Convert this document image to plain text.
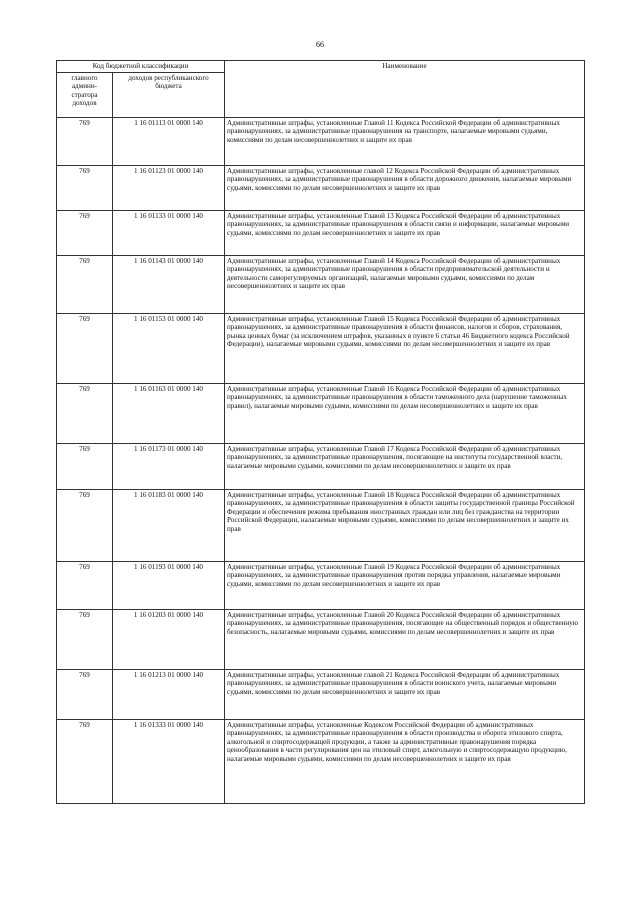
66
Код бюджетной классификации		Наименование
главного админи-стратора доходов	доходов республиканского бюджета	
769	1 16 01113 01 0000 140	Административные штрафы, установленные Главой 11 Кодекса Российской Федерации об административных правонарушениях, за административные правонарушения на транспорте, налагаемые мировыми судьями, комиссиями по делам несовершеннолетних и защите их прав
769	1 16 01123 01 0000 140	Административные штрафы, установленные главой 12 Кодекса Российской Федерации об административных правонарушениях, за административные правонарушения в области дорожного движения, налагаемые мировыми судьями, комиссиями по делам несовершеннолетних и защите их прав
769	1 16 01133 01 0000 140	Административные штрафы, установленные Главой 13 Кодекса Российской Федерации об административных правонарушениях, за административные правонарушения в области связи и информации, налагаемые мировыми судьями, комиссиями по делам несовершеннолетних и защите их прав
769	1 16 01143 01 0000 140	Административные штрафы, установленные Главой 14 Кодекса Российской Федерации об административных правонарушениях, за административные правонарушения в области предпринимательской деятельности и деятельности саморегулируемых организаций, налагаемые мировыми судьями, комиссиями по делам несовершеннолетних и защите их прав
769	1 16 01153 01 0000 140	Административные штрафы, установленные Главой 15 Кодекса Российской Федерации об административных правонарушениях, за административные правонарушения в области финансов, налогов и сборов, страхования, рынка ценных бумаг (за исключением штрафов, указанных в пункте 6 статьи 46 Бюджетного кодекса Российской Федерации), налагаемые мировыми судьями, комиссиями по делам несовершеннолетних и защите их прав
769	1 16 01163 01 0000 140	Административные штрафы, установленные Главой 16 Кодекса Российской Федерации об административных правонарушениях, за административные правонарушения в области таможенного дела (нарушение таможенных правил), налагаемые мировыми судьями, комиссиями по делам несовершеннолетних и защите их прав
769	1 16 01173 01 0000 140	Административные штрафы, установленные Главой 17 Кодекса Российской Федерации об административных правонарушениях, за административные правонарушения, посягающие на институты государственной власти, налагаемые мировыми судьями, комиссиями по делам несовершеннолетних и защите их прав
769	1 16 01183 01 0000 140	Административные штрафы, установленные Главой 18 Кодекса Российской Федерации об административных правонарушениях, за административные правонарушения в области защиты государственной границы Российской Федерации и обеспечения режима пребывания иностранных граждан или лиц без гражданства на территории Российской Федерации, налагаемые мировыми судьями, комиссиями по делам несовершеннолетних и защите их прав
769	1 16 01193 01 0000 140	Административные штрафы, установленные Главой 19 Кодекса Российской Федерации об административных правонарушениях, за административные правонарушения против порядка управления, налагаемые мировыми судьями, комиссиями по делам несовершеннолетних и защите их прав
769	1 16 01203 01 0000 140	Административные штрафы, установленные Главой 20 Кодекса Российской Федерации об административных правонарушениях, за административные правонарушения, посягающие на общественный порядок и общественную безопасность, налагаемые мировыми судьями, комиссиями по делам несовершеннолетних и защите их прав
769	1 16 01213 01 0000 140	Административные штрафы, установленные главой 21 Кодекса Российской Федерации об административных правонарушениях, за административные правонарушения в области воинского учета, налагаемые мировыми судьями, комиссиями по делам несовершеннолетних и защите их прав
769	1 16 01333 01 0000 140	Административные штрафы, установленные Кодексом Российской Федерации об административных правонарушениях, за административные правонарушения в области производства и оборота этилового спирта, алкогольной и спиртосодержащей продукции, а также за административные правонарушения порядка ценообразования в части регулирования цен на этиловый спирт, алкогольную и спиртосодержащую продукцию, налагаемые мировыми судьями, комиссиями по делам несовершеннолетних и защите их прав
